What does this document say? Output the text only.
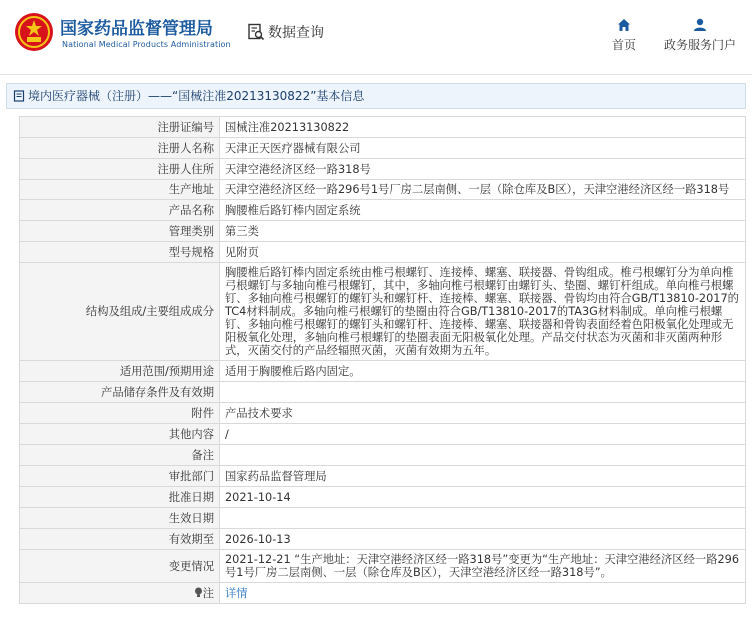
国家药品监督管理局
National Medical Products Administration
数据查询
首页	政务服务门户
境内医疗器械（注册）——“国械注准20213130822”基本信息
注册证编号	国械注准20213130822
注册人名称	天津正天医疗器械有限公司
注册人住所	天津空港经济区经一路318号
生产地址	天津空港经济区经一路296号1号厂房二层南侧、一层（除仓库及B区），天津空港经济区经一路318号
产品名称	胸腰椎后路钉棒内固定系统
管理类别	第三类
型号规格	见附页
结构及组成/主要组成成分	胸腰椎后路钉棒内固定系统由椎弓根螺钉、连接棒、螺塞、联接器、骨钩组成。椎弓根螺钉分为单向椎弓根螺钉与多轴向椎弓根螺钉，其中，多轴向椎弓根螺钉由螺钉头、垫圈、螺钉杆组成。单向椎弓根螺钉、多轴向椎弓根螺钉的螺钉头和螺钉杆、连接棒、螺塞、联接器、骨钩均由符合GB/T13810-2017的TC4材料制成。多轴向椎弓根螺钉的垫圈由符合GB/T13810-2017的TA3G材料制成。单向椎弓根螺钉、多轴向椎弓根螺钉的螺钉头和螺钉杆、连接棒、螺塞、联接器和骨钩表面经着色阳极氧化处理或无阳极氧化处理，多轴向椎弓根螺钉的垫圈表面无阳极氧化处理。产品交付状态为灭菌和非灭菌两种形式，灭菌交付的产品经辐照灭菌，灭菌有效期为五年。
适用范围/预期用途	适用于胸腰椎后路内固定。
产品储存条件及有效期	
附件	产品技术要求
其他内容	/
备注	
审批部门	国家药品监督管理局
批准日期	2021-10-14
生效日期	
有效期至	2026-10-13
变更情况	2021-12-21 “生产地址：天津空港经济区经一路318号”变更为“生产地址：天津空港经济区经一路296号1号厂房二层南侧、一层（除仓库及B区），天津空港经济区经一路318号”。
注	详情
